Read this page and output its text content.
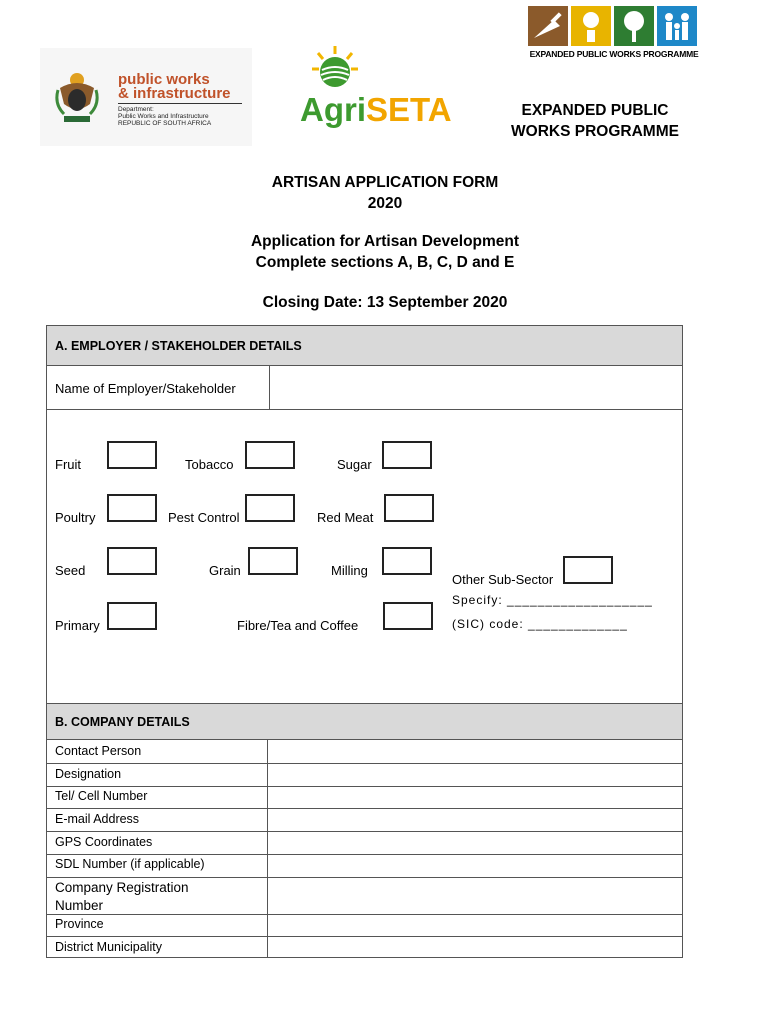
public works
& infrastructure
Department:
Public Works and Infrastructure
REPUBLIC OF SOUTH AFRICA	AgriSETA
EXPANDED PUBLIC WORKS PROGRAMME
EXPANDED PUBLIC
WORKS PROGRAMME
ARTISAN APPLICATION FORM
2020
Application for Artisan Development
Complete sections A, B, C, D and E
Closing Date: 13 September 2020
A. EMPLOYER / STAKEHOLDER DETAILS
Name of Employer/Stakeholder
Fruit	Tobacco	Sugar
Poultry	Pest Control	Red Meat
Seed	Grain	Milling
Other Sub-Sector
Specify: ___________________
(SIC) code: _____________
Primary	Fibre/Tea and Coffee
B. COMPANY DETAILS
Contact Person
Designation
Tel/ Cell Number
E-mail Address
GPS Coordinates
SDL Number (if applicable)
Company Registration Number
Province
District Municipality
